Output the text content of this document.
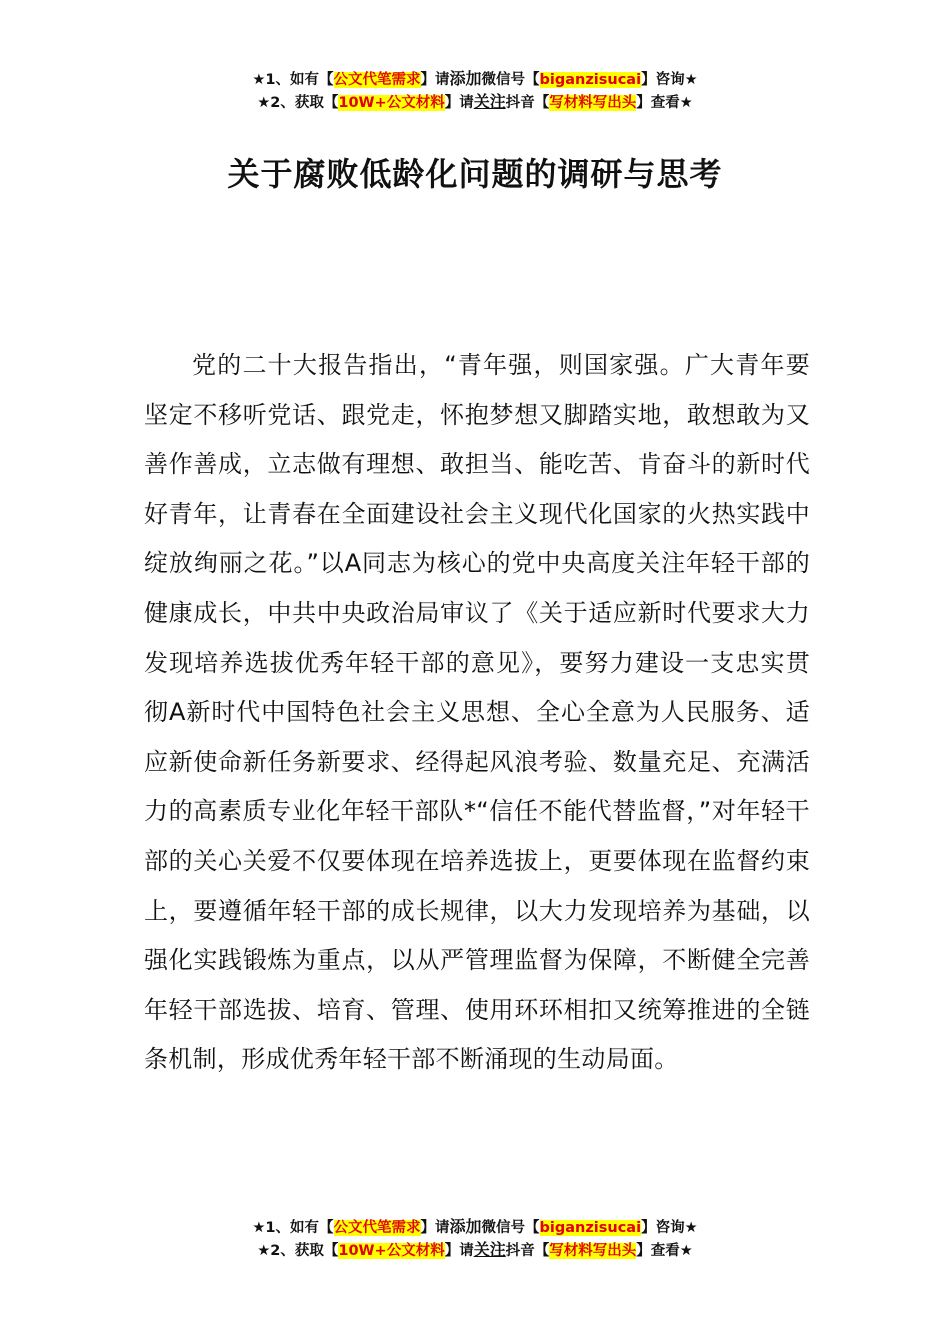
★1、如有【公文代笔需求】请添加微信号【biganzisucai】咨询★
★2、获取【10W+公文材料】请关注抖音【写材料写出头】查看★
关于腐败低龄化问题的调研与思考
党的二十大报告指出，“青年强，则国家强。广大青年要坚定不移听党话、跟党走，怀抱梦想又脚踏实地，敢想敢为又善作善成，立志做有理想、敢担当、能吃苦、肯奋斗的新时代好青年，让青春在全面建设社会主义现代化国家的火热实践中绽放绚丽之花。”以A同志为核心的党中央高度关注年轻干部的健康成长，中共中央政治局审议了《关于适应新时代要求大力发现培养选拔优秀年轻干部的意见》，要努力建设一支忠实贯彻A新时代中国特色社会主义思想、全心全意为人民服务、适应新使命新任务新要求、经得起风浪考验、数量充足、充满活力的高素质专业化年轻干部队*“信任不能代替监督，”对年轻干部的关心关爱不仅要体现在培养选拔上，更要体现在监督约束上，要遵循年轻干部的成长规律，以大力发现培养为基础，以强化实践锻炼为重点，以从严管理监督为保障，不断健全完善年轻干部选拔、培育、管理、使用环环相扣又统筹推进的全链条机制，形成优秀年轻干部不断涌现的生动局面。
★1、如有【公文代笔需求】请添加微信号【biganzisucai】咨询★
★2、获取【10W+公文材料】请关注抖音【写材料写出头】查看★
